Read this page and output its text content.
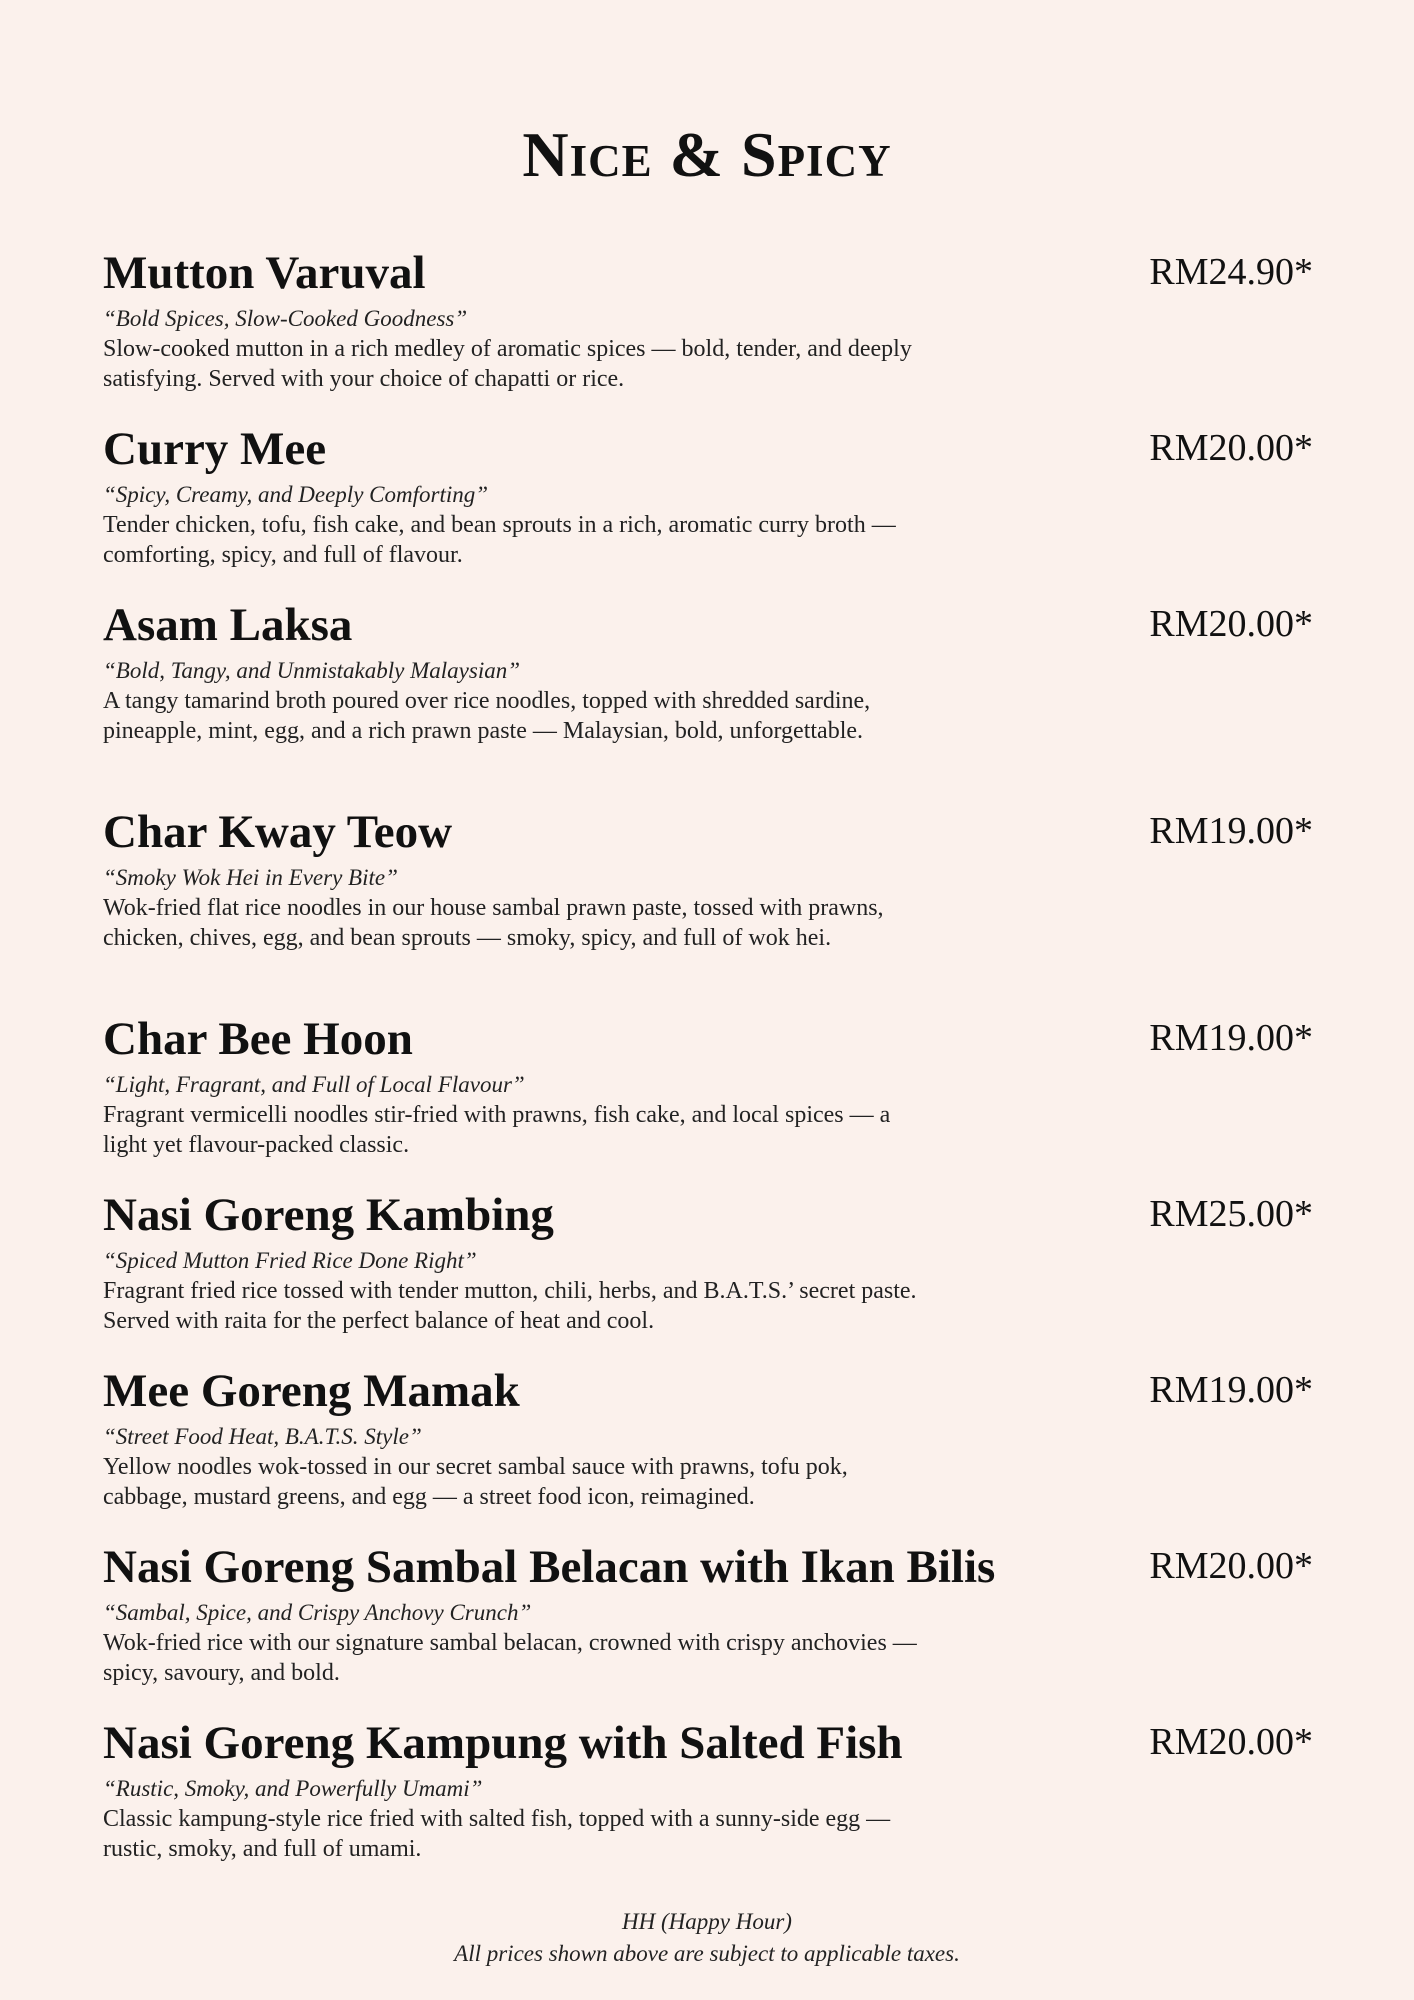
Nice & Spicy
Mutton Varuval	RM24.90*
“Bold Spices, Slow-Cooked Goodness”
Slow-cooked mutton in a rich medley of aromatic spices — bold, tender, and deeply satisfying. Served with your choice of chapatti or rice.
Curry Mee	RM20.00*
“Spicy, Creamy, and Deeply Comforting”
Tender chicken, tofu, fish cake, and bean sprouts in a rich, aromatic curry broth — comforting, spicy, and full of flavour.
Asam Laksa	RM20.00*
“Bold, Tangy, and Unmistakably Malaysian”
A tangy tamarind broth poured over rice noodles, topped with shredded sardine, pineapple, mint, egg, and a rich prawn paste — Malaysian, bold, unforgettable.
Char Kway Teow	RM19.00*
“Smoky Wok Hei in Every Bite”
Wok-fried flat rice noodles in our house sambal prawn paste, tossed with prawns, chicken, chives, egg, and bean sprouts — smoky, spicy, and full of wok hei.
Char Bee Hoon	RM19.00*
“Light, Fragrant, and Full of Local Flavour”
Fragrant vermicelli noodles stir-fried with prawns, fish cake, and local spices — a light yet flavour-packed classic.
Nasi Goreng Kambing	RM25.00*
“Spiced Mutton Fried Rice Done Right”
Fragrant fried rice tossed with tender mutton, chili, herbs, and B.A.T.S.’ secret paste. Served with raita for the perfect balance of heat and cool.
Mee Goreng Mamak	RM19.00*
“Street Food Heat, B.A.T.S. Style”
Yellow noodles wok-tossed in our secret sambal sauce with prawns, tofu pok, cabbage, mustard greens, and egg — a street food icon, reimagined.
Nasi Goreng Sambal Belacan with Ikan Bilis	RM20.00*
“Sambal, Spice, and Crispy Anchovy Crunch”
Wok-fried rice with our signature sambal belacan, crowned with crispy anchovies — spicy, savoury, and bold.
Nasi Goreng Kampung with Salted Fish	RM20.00*
“Rustic, Smoky, and Powerfully Umami”
Classic kampung-style rice fried with salted fish, topped with a sunny-side egg — rustic, smoky, and full of umami.
HH (Happy Hour)
All prices shown above are subject to applicable taxes.
